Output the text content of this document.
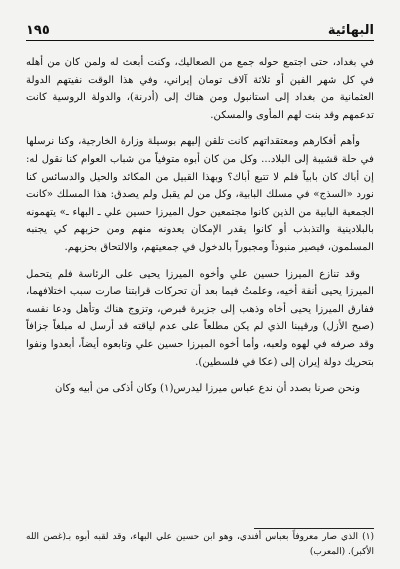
البهائية
١٩٥

في بغداد، حتى اجتمع حوله جمع من الصعاليك، وكنت أبعث له ولمن كان من أهله في كل شهر الفين أو ثلاثة آلاف تومان إيراني، وفي هذا الوقت نفيتهم الدولة العثمانية من بغداد إلى استانبول ومن هناك إلى (أدرنة)، والدولة الروسية كانت تدعمهم وقد بنت لهم المأوى والمسكن.

وأهم أفكارهم ومعتقداتهم كانت تلقن إليهم بوسيلة وزارة الخارجية، وكنا نرسلها في حلة قشيبة إلى البلاد... وكل من كان أبوه متوفياً من شباب العوام كنا نقول له: إن أباك كان بابياً فلم لا تتبع أباك؟ وبهذا القبيل من المكائد والحيل والدسائس كنا نورد «السذج» في مسلك البابية، وكل من لم يقبل ولم يصدق: هذا المسلك «كانت الجمعية البابية من الذين كانوا مجتمعين حول الميرزا حسين علي ـ البهاء ـ» يتهمونه بالبلادينية والتذبذب أو كانوا يقدر الإمكان يعدونه منهم ومن حزبهم كي يجنبه المسلمون، فيصير منبوذاً ومجبوراً بالدخول في جمعيتهم، والالتحاق بحزبهم.

وقد تنازع الميرزا حسين علي وأخوه الميرزا يحيى على الرئاسة فلم يتحمل الميرزا يحيى أنفة أخيه، وعلمتُ فيما بعد أن تحركات قرابتنا صارت سبب اختلافهما، ففارق الميرزا يحيى أخاه وذهب إلى جزيرة قبرص، وتزوج هناك وتأهل ودعا نفسه (صبح الأزل) ورقيبنا الذي لم يكن مطلعاً على عدم لياقته قد أرسل له مبلغاً جزافاً وقد صرفه في لهوه ولعبه، وأما أخوه الميرزا حسين علي وتابعوه أيضاً، أبعدوا ونفوا بتحريك دولة إيران إلى (عكا في فلسطين).

ونحن صرنا بصدد أن ندع عباس ميرزا ليدرس(١) وكان أذكى من أبيه وكان

(١) الذي صار معروفاً بعباس أفندي، وهو ابن حسين علي البهاء، وقد لقبه أبوه بـ(غصن الله الأكبر). (المعرب)
